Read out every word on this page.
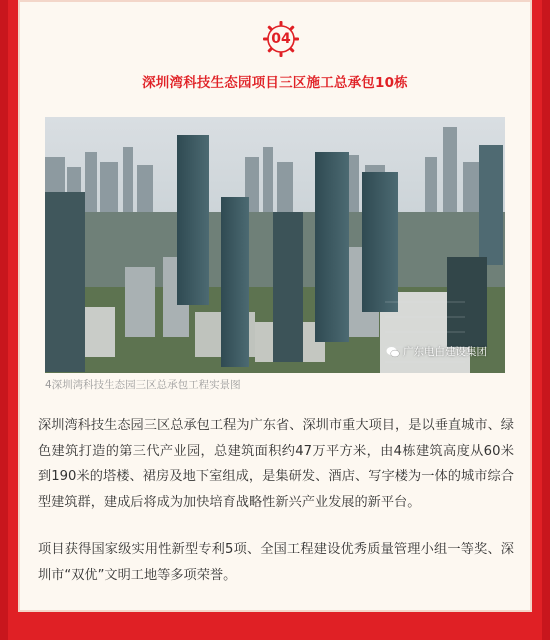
04
深圳湾科技生态园项目三区施工总承包10栋
广东电白建设集团
4深圳湾科技生态园三区总承包工程实景图

深圳湾科技生态园三区总承包工程为广东省、深圳市重大项目，是以垂直城市、绿色建筑打造的第三代产业园，总建筑面积约47万平方米，由4栋建筑高度从60米到190米的塔楼、裙房及地下室组成，是集研发、酒店、写字楼为一体的城市综合型建筑群，建成后将成为加快培育战略性新兴产业发展的新平台。

项目获得国家级实用性新型专利5项、全国工程建设优秀质量管理小组一等奖、深圳市“双优”文明工地等多项荣誉。
